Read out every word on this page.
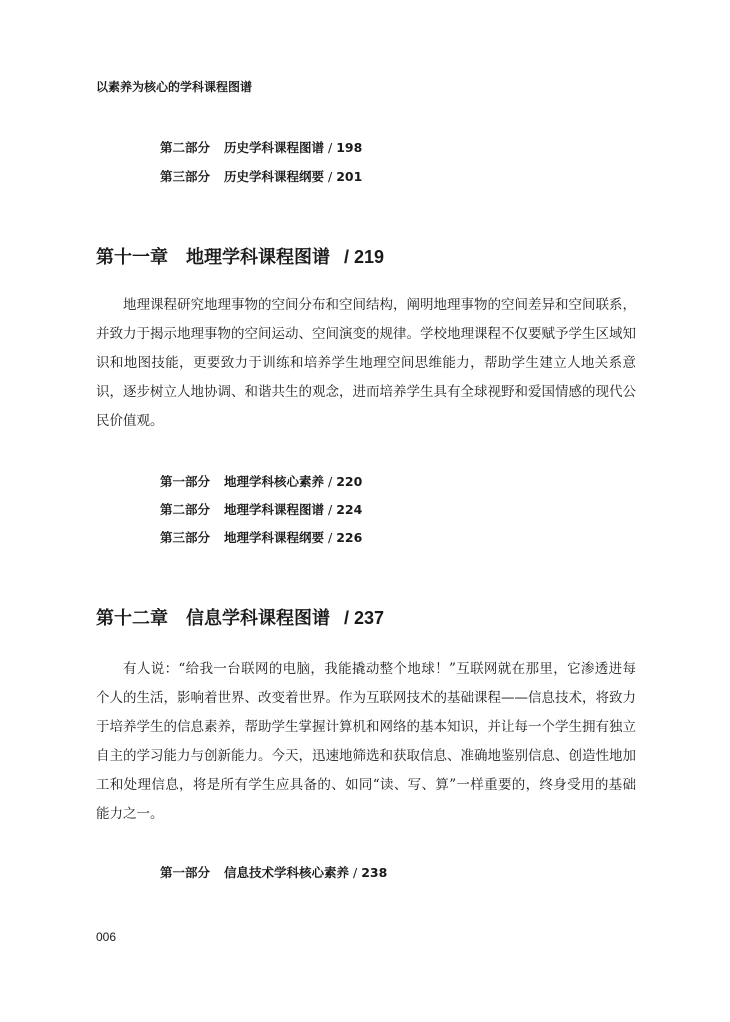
以素养为核心的学科课程图谱
第二部分 历史学科课程图谱 / 198
第三部分 历史学科课程纲要 / 201
第十一章 地理学科课程图谱 / 219

地理课程研究地理事物的空间分布和空间结构，阐明地理事物的空间差异和空间联系，并致力于揭示地理事物的空间运动、空间演变的规律。学校地理课程不仅要赋予学生区域知识和地图技能，更要致力于训练和培养学生地理空间思维能力，帮助学生建立人地关系意识，逐步树立人地协调、和谐共生的观念，进而培养学生具有全球视野和爱国情感的现代公民价值观。

第一部分 地理学科核心素养 / 220
第二部分 地理学科课程图谱 / 224
第三部分 地理学科课程纲要 / 226
第十二章 信息学科课程图谱 / 237

有人说：“给我一台联网的电脑，我能撬动整个地球！”互联网就在那里，它渗透进每个人的生活，影响着世界、改变着世界。作为互联网技术的基础课程——信息技术，将致力于培养学生的信息素养，帮助学生掌握计算机和网络的基本知识，并让每一个学生拥有独立自主的学习能力与创新能力。今天，迅速地筛选和获取信息、准确地鉴别信息、创造性地加工和处理信息，将是所有学生应具备的、如同“读、写、算”一样重要的，终身受用的基础能力之一。

第一部分 信息技术学科核心素养 / 238
006
